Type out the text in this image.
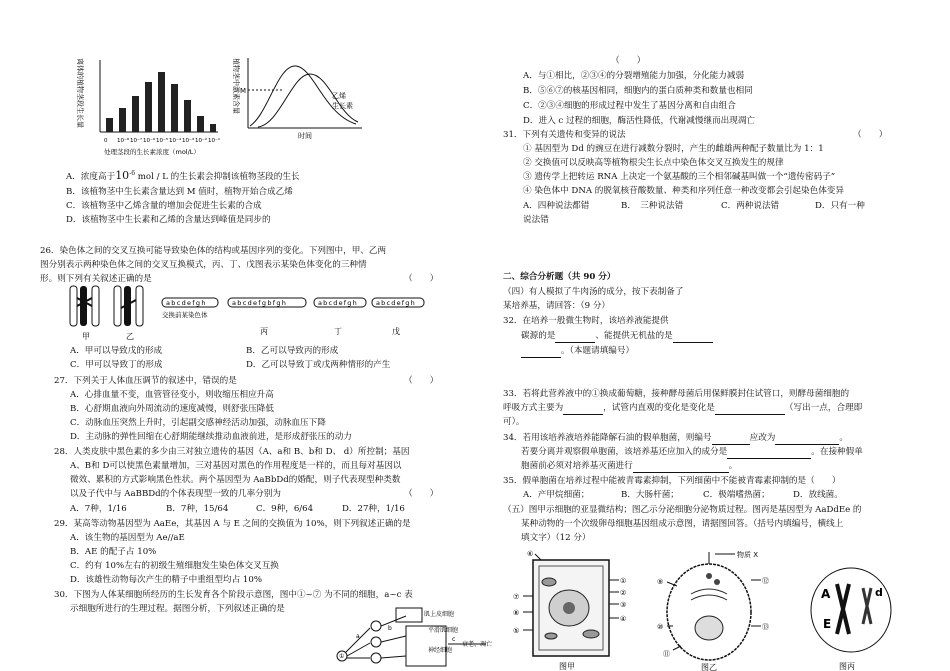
离体的植物茎段生长量
0 10⁻⁸ 10⁻⁷ 10⁻⁶ 10⁻⁵ 10⁻⁴ 10⁻³ 10⁻² 10⁻¹
处理茎段的生长素浓度（mol/L）
植物茎中激素含量 M
乙烯
生长素
时间
A．浓度高于$10^{-6}$ mol / L 的生长素会抑制该植物茎段的生长
B．该植物茎中生长素含量达到 M 值时，植物开始合成乙烯
C．该植物茎中乙烯含量的增加会促进生长素的合成
D．该植物茎中生长素和乙烯的含量达到峰值是同步的
26．染色体之间的交叉互换可能导致染色体的结构或基因序列的变化。下列图中，甲、乙两
图分别表示两种染色体之间的交叉互换模式，丙、丁、戊图表示某染色体变化的三种情
形。则下列有关叙述正确的是	（　　）
abcdefgh
交换前某染色体
abcdefgbfgh	abcdefgh	abcdefgh
甲	乙
丙	丁	戊
A．甲可以导致戊的形成	B．乙可以导致丙的形成
C．甲可以导致丁的形成	D．乙可以导致丁或戊两种情形的产生
27．下列关于人体血压调节的叙述中，错误的是	（　　）
A．心排血量不变，血管管径变小，则收缩压相应升高
B．心舒期血液向外周流动的速度减慢，则舒张压降低
C．动脉血压突然上升时，引起副交感神经活动加强，动脉血压下降
D．主动脉的弹性回缩在心舒期能继续推动血液前进，是形成舒张压的动力
28．人类皮肤中黑色素的多少由三对独立遗传的基因（A、a和 B、b和 D、 d）所控制；基因
A、B和 D可以使黑色素量增加，三对基因对黑色的作用程度是一样的，而且每对基因以
微效、累积的方式影响黑色性状。两个基因型为 AaBbDd的婚配，则子代表现型种类数
以及子代中与 AaBBDd的个体表现型一致的几率分别为	（　　）
A．7种，1/16	B．7种，15/64	C．9种，6/64	D．27种，1/16
29．某高等动物基因型为 AaEe，其基因 A 与 E 之间的交换值为 10%，则下列叙述正确的是
A．该生物的基因型为 Ae//aE
B．AE 的配子占 10%
C．约有 10%左右的初级生殖细胞发生染色体交叉互换
D．该雄性动物每次产生的精子中重组型均占 10%
30．下图为人体某细胞所经历的生长发育各个阶段示意图，图中①~⑦ 为不同的细胞，a~c 表
示细胞所进行的生理过程。据图分析，下列叙述正确的是
肌上皮细胞
平滑肌细胞
神经细胞
①
a
b
c
衰老、凋亡
（　　）
A．与①相比，②③④的分裂增殖能力加强，分化能力减弱
B．⑤⑥⑦的核基因相同，细胞内的蛋白质种类和数量也相同
C．②③④细胞的形成过程中发生了基因分离和自由组合
D．进入 c 过程的细胞，酶活性降低，代谢减慢继而出现凋亡
31．下列有关遗传和变异的说法	（　　）
① 基因型为 Dd 的豌豆在进行减数分裂时，产生的雌雄两种配子数量比为 1：1
② 交换值可以反映高等植物根尖生长点中染色体交叉互换发生的规律
③ 遗传学上把转运 RNA 上决定一个氨基酸的三个相邻碱基叫做一个“遗传密码子”
④ 染色体中 DNA 的脱氧核苷酸数量、种类和序列任意一种改变都会引起染色体变异
A．四种说法都错	B．　三种说法错	C．两种说法错	D．只有一种
说法错
二、综合分析题（共 90 分）
（四）有人模拟了牛肉汤的成分，按下表制备了
某培养基，请回答：（9 分）
32．在培养一般微生物时，该培养液能提供
碳源的是	、能提供无机盐的是
。（本题请填编号）
33．若将此营养液中的①换成葡萄糖，接种酵母菌后用保鲜膜封住试管口，则酵母菌细胞的
呼吸方式主要为	，试管内直观的变化是变化是	（写出一点，合理即
可）。
34．若用该培养液培养能降解石油的假单胞菌，则编号	应改为	。
若要分离并观察假单胞菌，该培养基还应加入的成分是	。在接种假单
胞菌前必须对培养基灭菌进行	。
35．假单胞菌在培养过程中能被青霉素抑制，下列细菌中不能被青霉素抑制的是（　　）
A．产甲烷细菌；	B．大肠杆菌；	C．极端嗜热菌；	D．放线菌。
（五）图甲示细胞的亚显微结构；图乙示分泌细胞分泌物质过程。图丙是基因型为 AaDdEe 的
某种动物的一个次级卵母细胞基因组成示意图，请据图回答。（括号内填编号，横线上
填文字）（12 分）
⑥
①
②
③
⑦
⑧
④
⑤
图甲
物质 X
⑨
⑩
⑪
⑫
⑬
图乙
A	d
E
图丙
